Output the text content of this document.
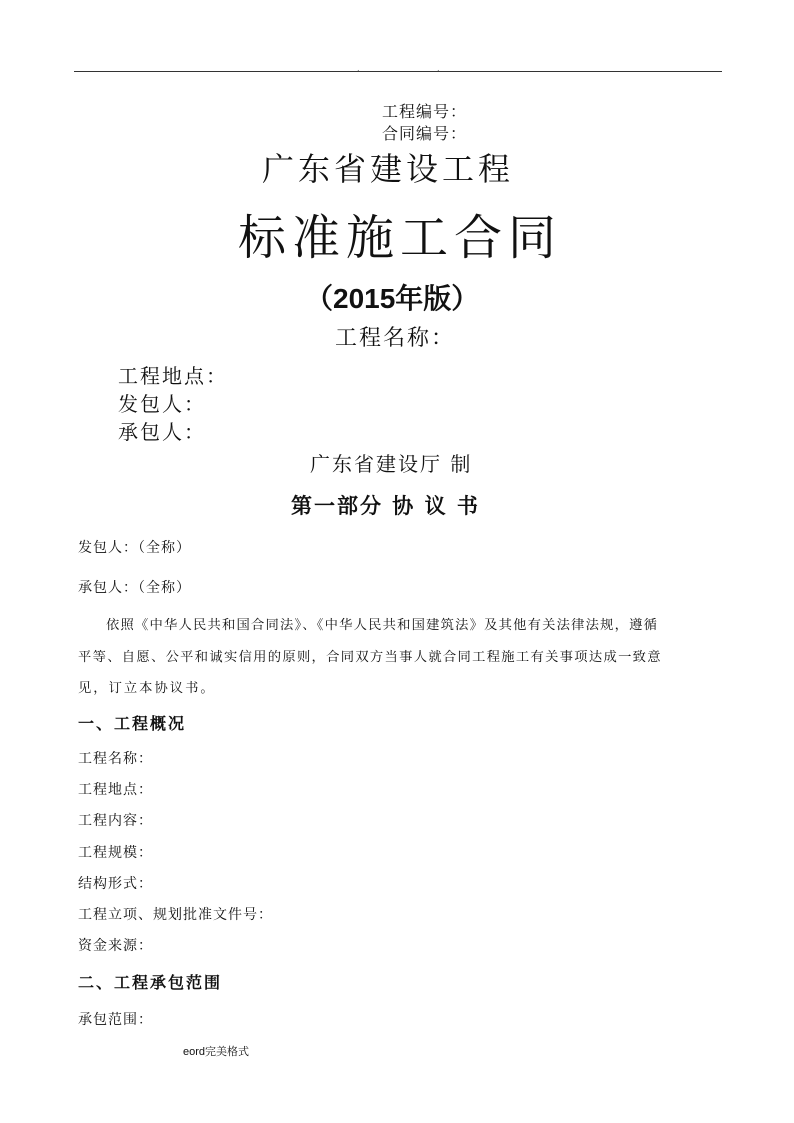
.	.
工程编号：
合同编号：
广东省建设工程
标准施工合同
（2015年版）
工程名称：
工程地点：
发包人：
承包人：
广东省建设厅 制
第一部分 协 议 书
发包人：（全称）
承包人：（全称）
依照《中华人民共和国合同法》、《中华人民共和国建筑法》及其他有关法律法规，遵循
平等、自愿、公平和诚实信用的原则，合同双方当事人就合同工程施工有关事项达成一致意
见，订立本协议书。
一、工程概况
工程名称：
工程地点：
工程内容：
工程规模：
结构形式：
工程立项、规划批准文件号：
资金来源：
二、工程承包范围
承包范围：
eord完美格式
